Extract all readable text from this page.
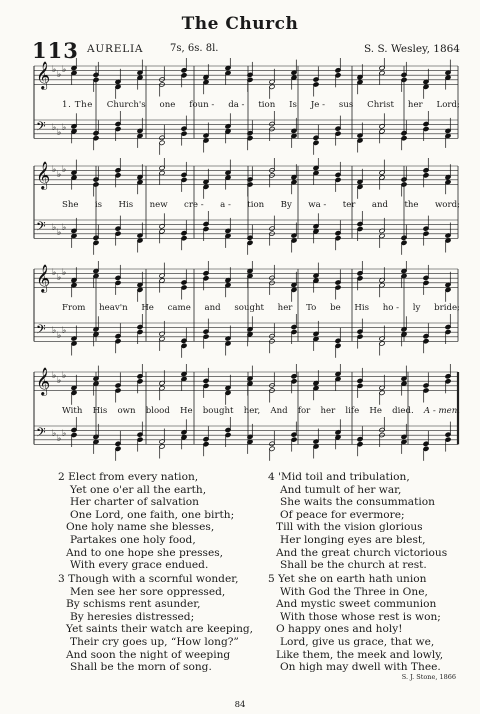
The Church
113 AURELIA	7s, 6s. 8l.	S. S. Wesley, 1864
𝄞 ♭ ♭ ♭
𝄢 ♭ ♭ ♭
1. The Church's one foun - da - tion Is Je - sus Christ her Lord;
𝄞 ♭ ♭ ♭
𝄢 ♭ ♭ ♭
She is His new cre - a - tion By wa - ter and the word;
𝄞 ♭ ♭ ♭
𝄢 ♭ ♭ ♭
From heav'n He came and sought her To be His ho - ly bride;
𝄞 ♭ ♭ ♭
𝄢 ♭ ♭ ♭
With His own blood He bought her, And for her life He died. A - men.
2 Elect from every nation,
Yet one o'er all the earth,
Her charter of salvation
One Lord, one faith, one birth;
One holy name she blesses,
Partakes one holy food,
And to one hope she presses,
With every grace endued.
3 Though with a scornful wonder,
Men see her sore oppressed,
By schisms rent asunder,
By heresies distressed;
Yet saints their watch are keeping,
Their cry goes up, “How long?”
And soon the night of weeping
Shall be the morn of song.
4 'Mid toil and tribulation,
And tumult of her war,
She waits the consummation
Of peace for evermore;
Till with the vision glorious
Her longing eyes are blest,
And the great church victorious
Shall be the church at rest.
5 Yet she on earth hath union
With God the Three in One,
And mystic sweet communion
With those whose rest is won;
O happy ones and holy!
Lord, give us grace, that we,
Like them, the meek and lowly,
On high may dwell with Thee.
S. J. Stone, 1866
84
